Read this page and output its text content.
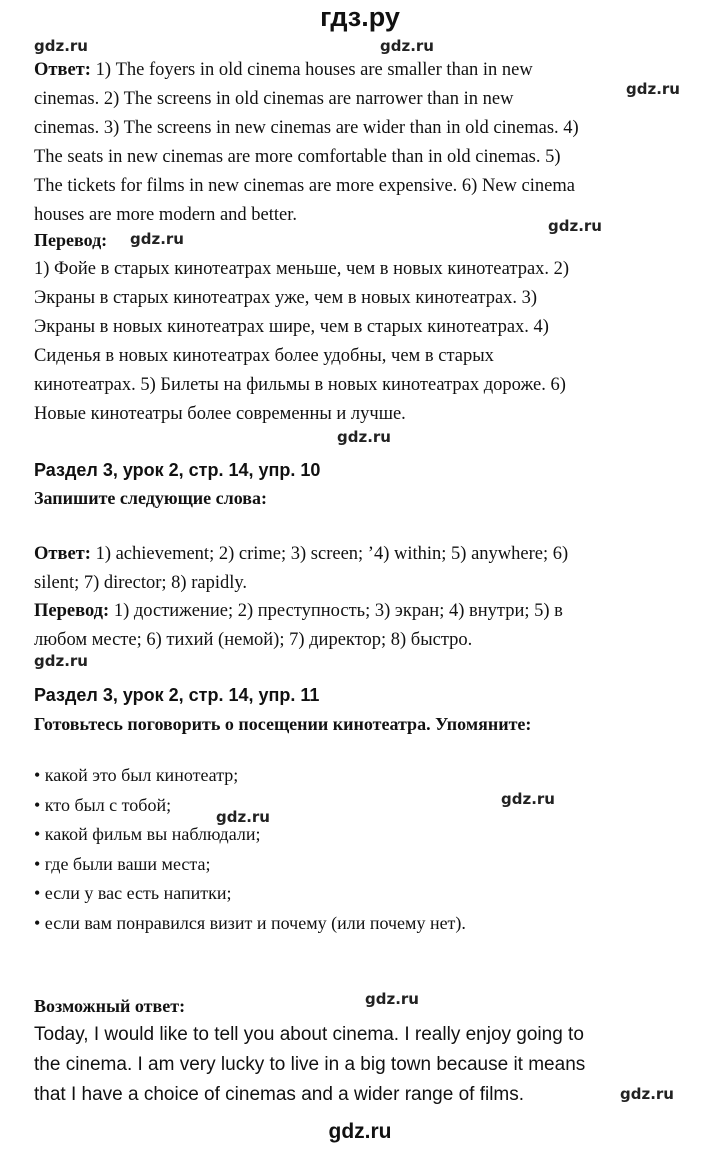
гдз.ру
Ответ: 1) The foyers in old cinema houses are smaller than in new
cinemas. 2) The screens in old cinemas are narrower than in new
cinemas. 3) The screens in new cinemas are wider than in old cinemas. 4)
The seats in new cinemas are more comfortable than in old cinemas. 5)
The tickets for films in new cinemas are more expensive. 6) New cinema
houses are more modern and better.
Перевод:
1) Фойе в старых кинотеатрах меньше, чем в новых кинотеатрах. 2)
Экраны в старых кинотеатрах уже, чем в новых кинотеатрах. 3)
Экраны в новых кинотеатрах шире, чем в старых кинотеатрах. 4)
Сиденья в новых кинотеатрах более удобны, чем в старых
кинотеатрах. 5) Билеты на фильмы в новых кинотеатрах дороже. 6)
Новые кинотеатры более современны и лучше.
Раздел 3, урок 2, стр. 14, упр. 10
Запишите следующие слова:
Ответ: 1) achievement; 2) crime; 3) screen; ’4) within; 5) anywhere; 6)
silent; 7) director; 8) rapidly.
Перевод: 1) достижение; 2) преступность; 3) экран; 4) внутри; 5) в
любом месте; 6) тихий (немой); 7) директор; 8) быстро.
Раздел 3, урок 2, стр. 14, упр. 11
Готовьтесь поговорить о посещении кинотеатра. Упомяните:
• какой это был кинотеатр;
• кто был с тобой;
• какой фильм вы наблюдали;
• где были ваши места;
• если у вас есть напитки;
• если вам понравился визит и почему (или почему нет).
Возможный ответ:
Today, I would like to tell you about cinema. I really enjoy going to
the cinema. I am very lucky to live in a big town because it means
that I have a choice of cinemas and a wider range of films.
gdz.ru	gdz.ru
gdz.ru
gdz.ru
gdz.ru
gdz.ru
gdz.ru
gdz.ru
gdz.ru
gdz.ru
gdz.ru
gdz.ru
